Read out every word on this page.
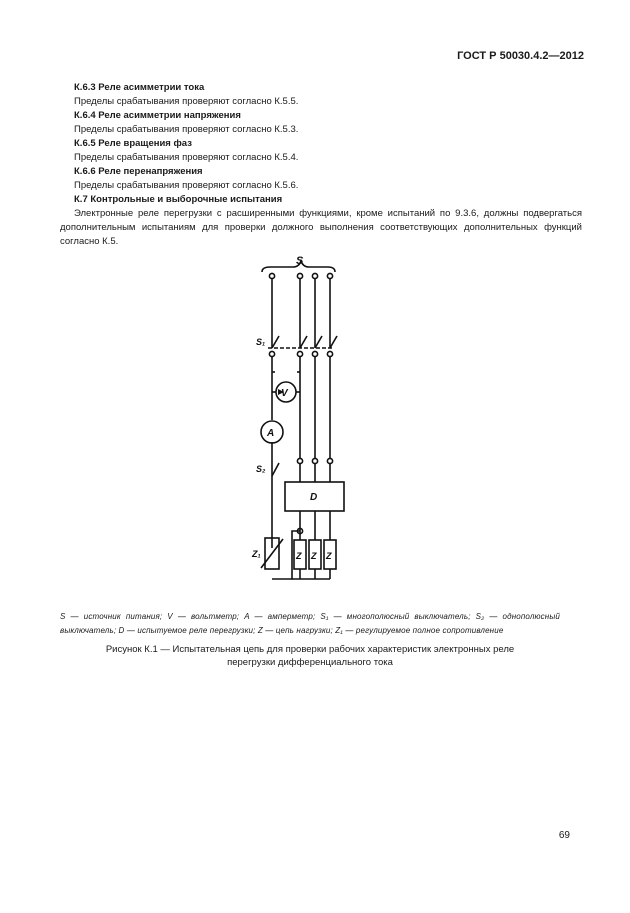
ГОСТ Р 50030.4.2—2012

К.6.3 Реле асимметрии тока

Пределы срабатывания проверяют согласно К.5.5.

К.6.4 Реле асимметрии напряжения

Пределы срабатывания проверяют согласно К.5.3.

К.6.5 Реле вращения фаз

Пределы срабатывания проверяют согласно К.5.4.

К.6.6 Реле перенапряжения

Пределы срабатывания проверяют согласно К.5.6.

К.7 Контрольные и выборочные испытания

Электронные реле перегрузки с расширенными функциями, кроме испытаний по 9.3.6, должны подвергаться дополнительным испытаниям для проверки должного выполнения соответствующих дополнительных функций согласно К.5.

S
S₁
V
A
S₂
D
Z₁	Z Z Z
S — источник питания; V — вольтметр; A — амперметр; S₁ — многополюсный выключатель; S₂ — однополюсный выключатель; D — испытуемое реле перегрузки; Z — цепь нагрузки; Z₁ — регулируемое полное сопротивление
Рисунок К.1 — Испытательная цепь для проверки рабочих характеристик электронных реле перегрузки дифференциального тока
69
